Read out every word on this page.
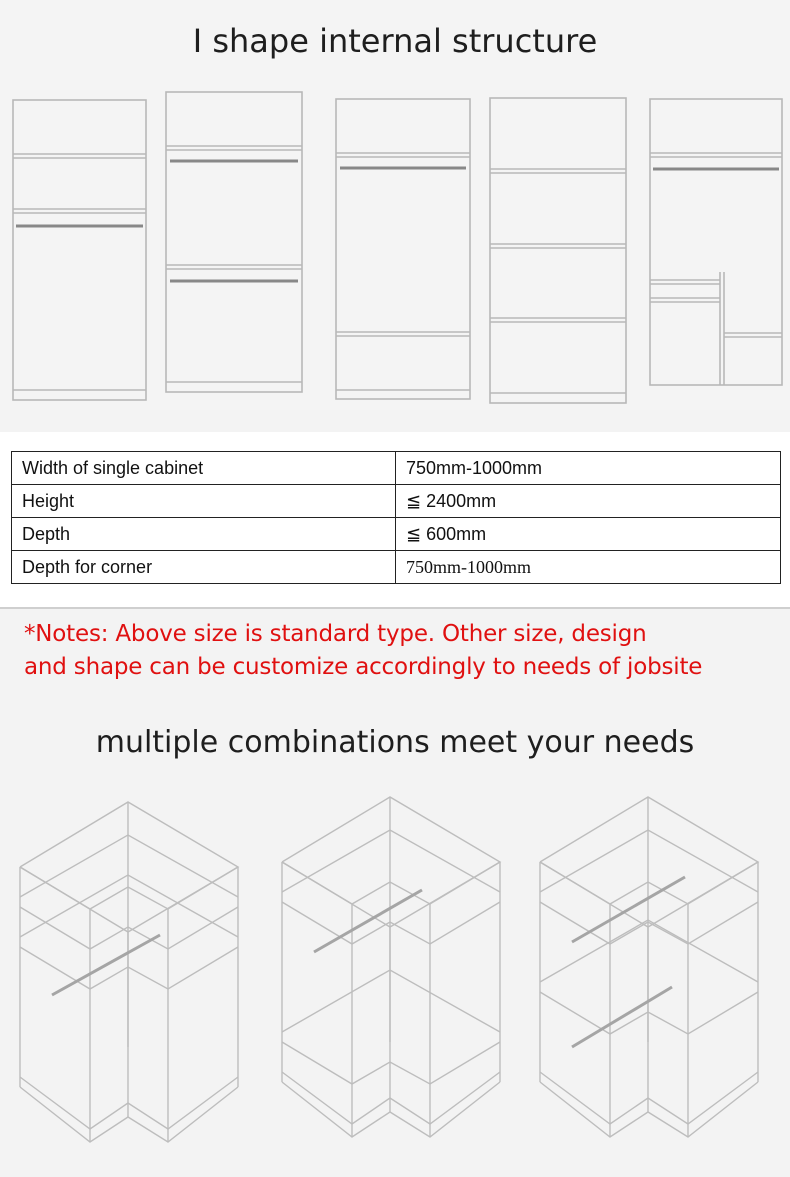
I shape internal structure
Width of single cabinet	750mm-1000mm
Height	≦ 2400mm
Depth	≦ 600mm
Depth for corner	750mm-1000mm
*Notes: Above size is standard type. Other size, design
and shape can be customize accordingly to needs of jobsite
multiple combinations meet your needs
